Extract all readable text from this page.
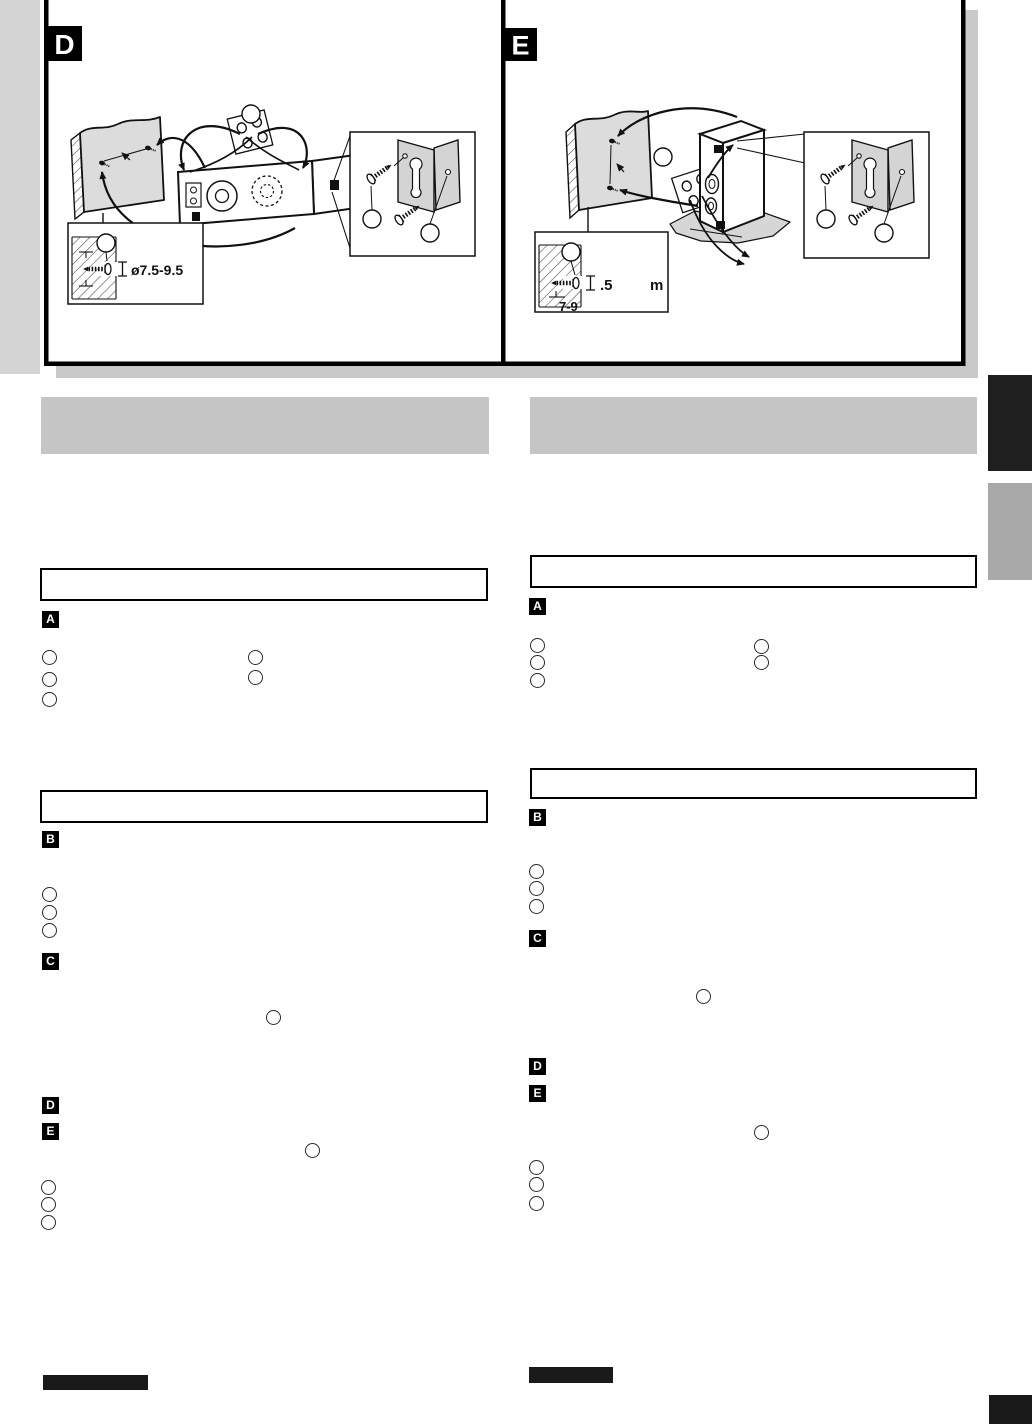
D
ø7.5-9.5
E
.5 m
7-9
A
B
C
D
E
A
B
C
D
E
